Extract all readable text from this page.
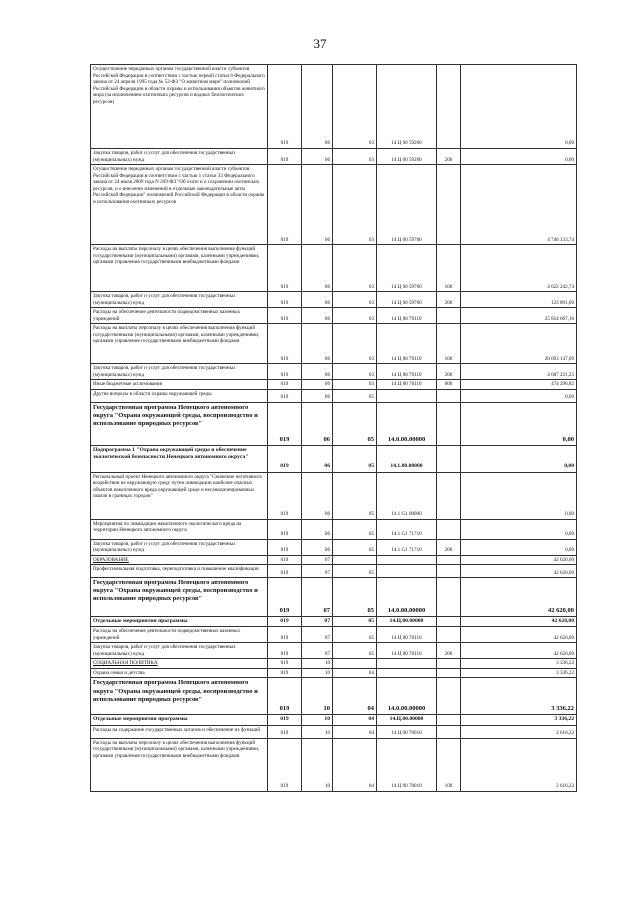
37
Осуществление переданных органам государственной власти субъектов Российской Федерации в соответствии с частью первой статьи 6 Федерального закона от 24 апреля 1995 года № 52-ФЗ "О животном мире" полномочий Российской Федерации в области охраны и использования объектов животного мира (за исключением охотничьих ресурсов и водных биологических ресурсов)	019	06	03	14 Ц 00 59200		0,00
Закупка товаров, работ и услуг для обеспечения государственных (муниципальных) нужд	019	06	03	14 Ц 00 59200	200	0,00
Осуществление переданных органам государственной власти субъектов Российской Федерации в соответствии с частью 1 статьи 33 Федерального закона от 24 июля 2009 года N 209-ФЗ "Об охоте и о сохранении охотничьих ресурсов, и о внесении изменений в отдельные законодательные акты Российской Федерации" полномочий Российской Федерации в области охраны и использования охотничьих ресурсов	019	06	03	14 Ц 00 59700		4 746 133,74
Расходы на выплаты персоналу в целях обеспечения выполнения функций государственными (муниципальными) органами, казенными учреждениями, органами управления государственными внебюджетными фондами	019	06	03	14 Ц 00 59700	100	4 622 242,74
Закупка товаров, работ и услуг для обеспечения государственных (муниципальных) нужд	019	06	03	14 Ц 00 59700	200	123 891,00
Расходы на обеспечение деятельности подведомственных казенных учреждений	019	06	03	14 Ц 00 70110		25 854 667,16
Расходы на выплаты персоналу в целях обеспечения выполнения функций государственными (муниципальными) органами, казенными учреждениями, органами управления государственными внебюджетными фондами	019	06	03	14 Ц 00 70110	100	20 693 147,09
Закупка товаров, работ и услуг для обеспечения государственных (муниципальных) нужд	019	06	03	14 Ц 00 70110	200	4 687 221,25
Иные бюджетные ассигнования	019	06	03	14 Ц 00 70110	800	474 298,82
Другие вопросы в области охраны окружающей среды	019	06	05			0,00
Государственная программа Ненецкого автономного округа "Охрана окружающей среды, воспроизводство и использование природных ресурсов"	019	06	05	14.0.00.00000		0,00
Подпрограмма 1 "Охрана окружающей среды и обеспечение экологической безопасности Ненецкого автономного округа"	019	06	05	14.1.00.00000		0,00
Региональный проект Ненецкого автономного округа "Снижение негативного воздействия на окружающую среду путем ликвидации наиболее опасных объектов накопленного вреда окружающей среде и несанкционированных свалок в границах городов"	019	06	05	14 1 G1 00000		0,00
Мероприятия по ликвидации накопленного экологического вреда на территории Ненецкого автономного округа	019	06	05	14 1 G1 71710		0,00
Закупка товаров, работ и услуг для обеспечения государственных (муниципальных) нужд	019	06	05	14 1 G1 71710	200	0,00
ОБРАЗОВАНИЕ	019	07				42 620,00
Профессиональная подготовка, переподготовка и повышение квалификации	019	07	05			42 620,00
Государственная программа Ненецкого автономного округа "Охрана окружающей среды, воспроизводство и использование природных ресурсов"	019	07	05	14.0.00.00000		42 620,00
Отдельные мероприятия программы	019	07	05	14.Ц.00.00000		42 620,00
Расходы на обеспечение деятельности подведомственных казенных учреждений	019	07	05	14 Ц 00 70110		42 620,00
Закупка товаров, работ и услуг для обеспечения государственных (муниципальных) нужд	019	07	05	14 Ц 00 70110	200	42 620,00
СОЦИАЛЬНАЯ ПОЛИТИКА	019	10				3 336,22
Охрана семьи и детства	019	10	04			3 336,22
Государственная программа Ненецкого автономного округа "Охрана окружающей среды, воспроизводство и использование природных ресурсов"	019	10	04	14.0.00.00000		3 336,22
Отдельные мероприятия программы	019	10	04	14.Ц.00.00000		3 336,22
Расходы на содержание государственных органов и обеспечение их функций	019	10	04	14 Ц 00 70010		2 616,22
Расходы на выплаты персоналу в целях обеспечения выполнения функций государственными (муниципальными) органами, казенными учреждениями, органами управления государственными внебюджетными фондами	019	10	04	14 Ц 00 70010	100	2 616,22
